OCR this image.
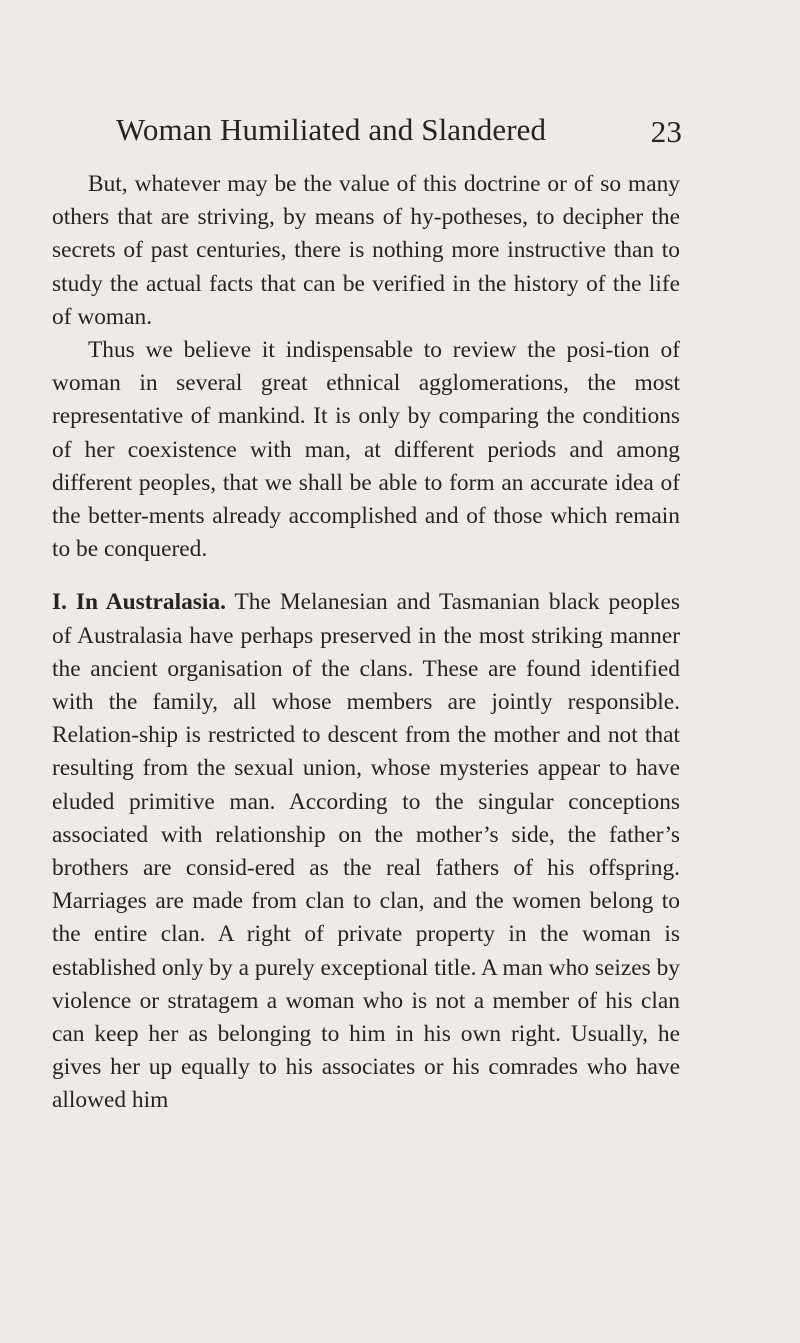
Woman Humiliated and Slandered	23

But, whatever may be the value of this doctrine or of so many others that are striving, by means of hy-potheses, to decipher the secrets of past centuries, there is nothing more instructive than to study the actual facts that can be verified in the history of the life of woman.

Thus we believe it indispensable to review the posi-tion of woman in several great ethnical agglomerations, the most representative of mankind. It is only by comparing the conditions of her coexistence with man, at different periods and among different peoples, that we shall be able to form an accurate idea of the better-ments already accomplished and of those which remain to be conquered.

I. In Australasia. The Melanesian and Tasmanian black peoples of Australasia have perhaps preserved in the most striking manner the ancient organisation of the clans. These are found identified with the family, all whose members are jointly responsible. Relation-ship is restricted to descent from the mother and not that resulting from the sexual union, whose mysteries appear to have eluded primitive man. According to the singular conceptions associated with relationship on the mother’s side, the father’s brothers are consid-ered as the real fathers of his offspring. Marriages are made from clan to clan, and the women belong to the entire clan. A right of private property in the woman is established only by a purely exceptional title. A man who seizes by violence or stratagem a woman who is not a member of his clan can keep her as belonging to him in his own right. Usually, he gives her up equally to his associates or his comrades who have allowed him
